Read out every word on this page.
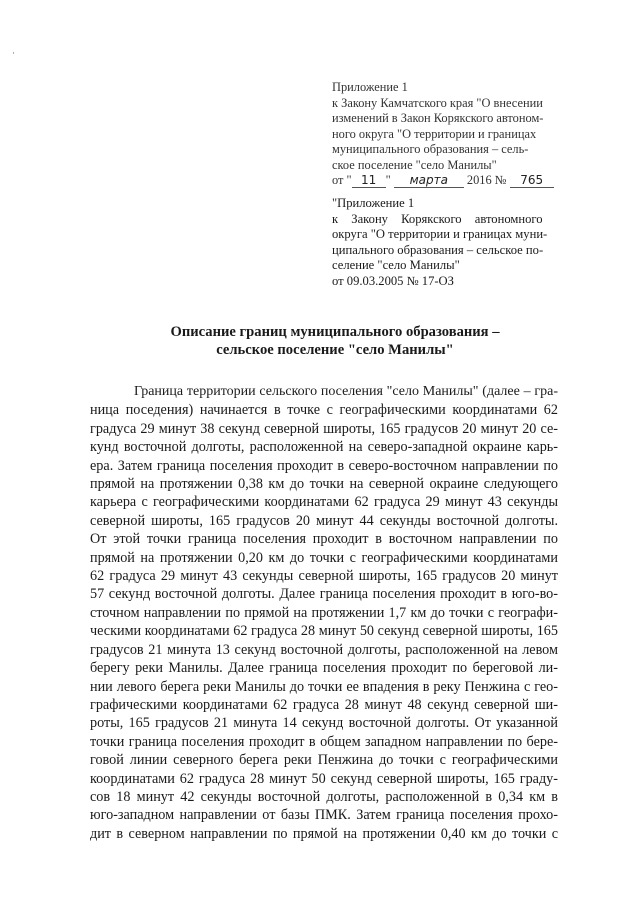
·
Приложение 1
к Закону Камчатского края "О внесении
изменений в Закон Корякского автоном-
ного округа "О территории и границах
муниципального образования – сель-
ское поселение "село Манилы"
от " 11 " марта 2016 № 765
"Приложение 1
к Закону Корякского автономного
округа "О территории и границах муни-
ципального образования – сельское по-
селение "село Манилы"
от 09.03.2005 № 17-ОЗ
Описание границ муниципального образования –
сельское поселение "село Манилы"
Граница территории сельского поселения "село Манилы" (далее – гра-
ница поседения) начинается в точке с географическими координатами 62
градуса 29 минут 38 секунд северной широты, 165 градусов 20 минут 20 се-
кунд восточной долготы, расположенной на северо-западной окраине карь-
ера. Затем граница поселения проходит в северо-восточном направлении по
прямой на протяжении 0,38 км до точки на северной окраине следующего
карьера с географическими координатами 62 градуса 29 минут 43 секунды
северной широты, 165 градусов 20 минут 44 секунды восточной долготы.
От этой точки граница поселения проходит в восточном направлении по
прямой на протяжении 0,20 км до точки с географическими координатами
62 градуса 29 минут 43 секунды северной широты, 165 градусов 20 минут
57 секунд восточной долготы. Далее граница поселения проходит в юго-во-
сточном направлении по прямой на протяжении 1,7 км до точки с географи-
ческими координатами 62 градуса 28 минут 50 секунд северной широты, 165
градусов 21 минута 13 секунд восточной долготы, расположенной на левом
берегу реки Манилы. Далее граница поселения проходит по береговой ли-
нии левого берега реки Манилы до точки ее впадения в реку Пенжина с гео-
графическими координатами 62 градуса 28 минут 48 секунд северной ши-
роты, 165 градусов 21 минута 14 секунд восточной долготы. От указанной
точки граница поселения проходит в общем западном направлении по бере-
говой линии северного берега реки Пенжина до точки с географическими
координатами 62 градуса 28 минут 50 секунд северной широты, 165 граду-
сов 18 минут 42 секунды восточной долготы, расположенной в 0,34 км в
юго-западном направлении от базы ПМК. Затем граница поселения прохо-
дит в северном направлении по прямой на протяжении 0,40 км до точки с
